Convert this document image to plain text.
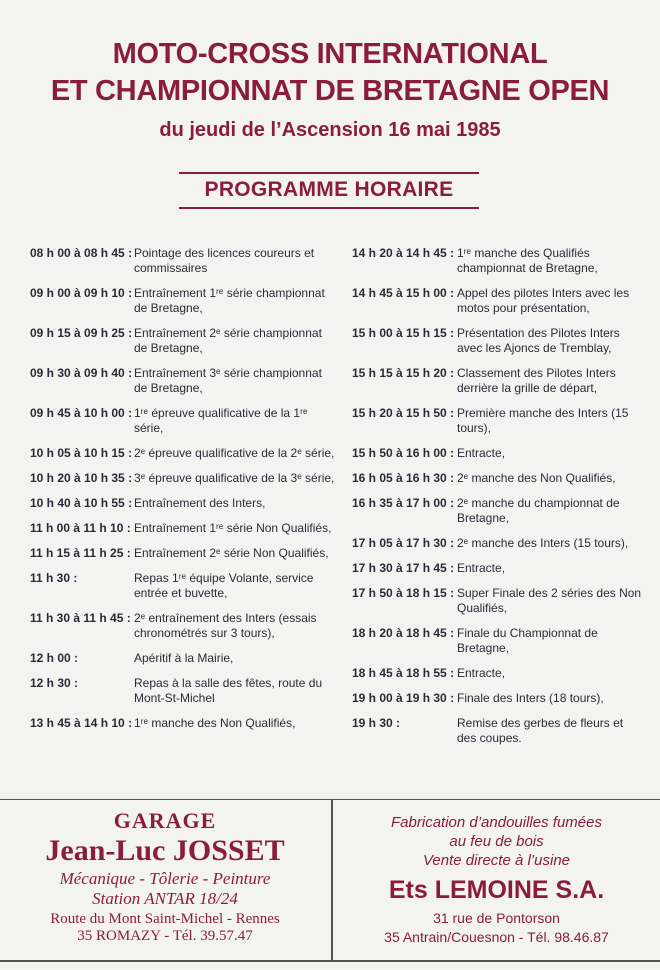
MOTO-CROSS INTERNATIONAL
ET CHAMPIONNAT DE BRETAGNE OPEN
du jeudi de l’Ascension 16 mai 1985
PROGRAMME HORAIRE
08 h 00 à 08 h 45 : Pointage des licences coureurs et commissaires
09 h 00 à 09 h 10 : Entraînement 1ʳᵉ série championnat de Bretagne,
09 h 15 à 09 h 25 : Entraînement 2ᵉ série championnat de Bretagne,
09 h 30 à 09 h 40 : Entraînement 3ᵉ série championnat de Bretagne,
09 h 45 à 10 h 00 : 1ʳᵉ épreuve qualificative de la 1ʳᵉ série,
10 h 05 à 10 h 15 : 2ᵉ épreuve qualificative de la 2ᵉ série,
10 h 20 à 10 h 35 : 3ᵉ épreuve qualificative de la 3ᵉ série,
10 h 40 à 10 h 55 : Entraînement des Inters,
11 h 00 à 11 h 10 : Entraînement 1ʳᵉ série Non Qualifiés,
11 h 15 à 11 h 25 : Entraînement 2ᵉ série Non Qualifiés,
11 h 30 :	Repas 1ʳᵉ équipe Volante, service entrée et buvette,
11 h 30 à 11 h 45 : 2ᵉ entraînement des Inters (essais chronométrés sur 3 tours),
12 h 00 :	Apéritif à la Mairie,
12 h 30 :	Repas à la salle des fêtes, route du Mont-St-Michel
13 h 45 à 14 h 10 : 1ʳᵉ manche des Non Qualifiés,
14 h 20 à 14 h 45 : 1ʳᵉ manche des Qualifiés championnat de Bretagne,
14 h 45 à 15 h 00 : Appel des pilotes Inters avec les motos pour présentation,
15 h 00 à 15 h 15 : Présentation des Pilotes Inters avec les Ajoncs de Tremblay,
15 h 15 à 15 h 20 : Classement des Pilotes Inters derrière la grille de départ,
15 h 20 à 15 h 50 : Première manche des Inters (15 tours),
15 h 50 à 16 h 00 : Entracte,
16 h 05 à 16 h 30 : 2ᵉ manche des Non Qualifiés,
16 h 35 à 17 h 00 : 2ᵉ manche du championnat de Bretagne,
17 h 05 à 17 h 30 : 2ᵉ manche des Inters (15 tours),
17 h 30 à 17 h 45 : Entracte,
17 h 50 à 18 h 15 : Super Finale des 2 séries des Non Qualifiés,
18 h 20 à 18 h 45 : Finale du Championnat de Bretagne,
18 h 45 à 18 h 55 : Entracte,
19 h 00 à 19 h 30 : Finale des Inters (18 tours),
19 h 30 :	Remise des gerbes de fleurs et des coupes.
GARAGE
Jean-Luc JOSSET
Mécanique - Tôlerie - Peinture
Station ANTAR 18/24
Route du Mont Saint-Michel - Rennes
35 ROMAZY - Tél. 39.57.47
Fabrication d’andouilles fumées
au feu de bois
Vente directe à l’usine
Ets LEMOINE S.A.
31 rue de Pontorson
35 Antrain/Couesnon - Tél. 98.46.87
